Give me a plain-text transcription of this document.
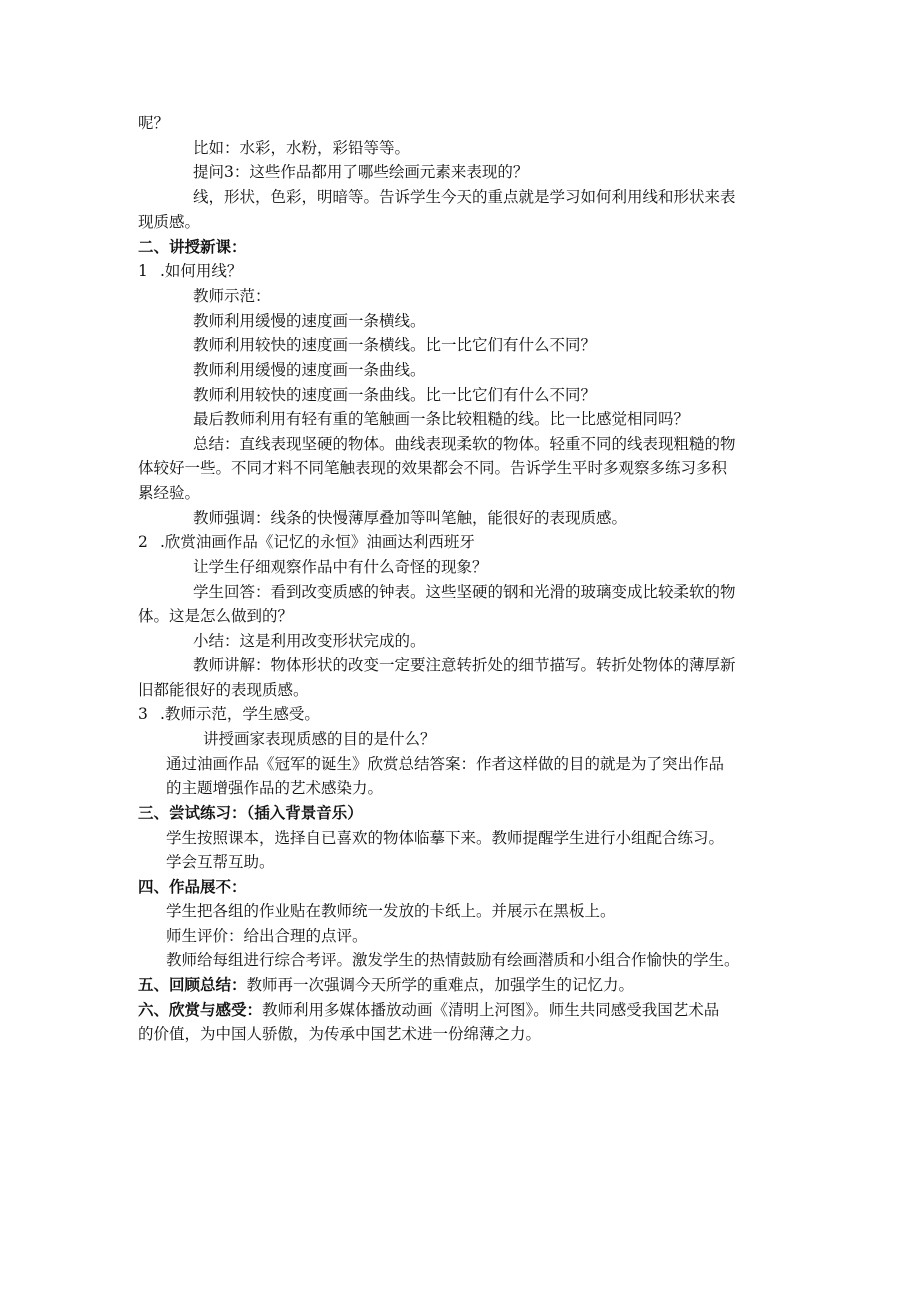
呢？
比如：水彩，水粉，彩铅等等。
提问3：这些作品都用了哪些绘画元素来表现的？
线，形状，色彩，明暗等。告诉学生今天的重点就是学习如何利用线和形状来表
现质感。
二、讲授新课：
1 .如何用线？
教师示范：
教师利用缓慢的速度画一条横线。
教师利用较快的速度画一条横线。比一比它们有什么不同？
教师利用缓慢的速度画一条曲线。
教师利用较快的速度画一条曲线。比一比它们有什么不同？
最后教师利用有轻有重的笔触画一条比较粗糙的线。比一比感觉相同吗？
总结：直线表现坚硬的物体。曲线表现柔软的物体。轻重不同的线表现粗糙的物
体较好一些。不同才料不同笔触表现的效果都会不同。告诉学生平时多观察多练习多积
累经验。
教师强调：线条的快慢薄厚叠加等叫笔触，能很好的表现质感。
2 .欣赏油画作品《记忆的永恒》油画达利西班牙
让学生仔细观察作品中有什么奇怪的现象？
学生回答：看到改变质感的钟表。这些坚硬的钢和光滑的玻璃变成比较柔软的物
体。这是怎么做到的？
小结：这是利用改变形状完成的。
教师讲解：物体形状的改变一定要注意转折处的细节描写。转折处物体的薄厚新
旧都能很好的表现质感。
3 .教师示范，学生感受。
讲授画家表现质感的目的是什么？
通过油画作品《冠军的诞生》欣赏总结答案：作者这样做的目的就是为了突出作品
的主题增强作品的艺术感染力。
三、尝试练习：（插入背景音乐）
学生按照课本，选择自已喜欢的物体临摹下来。教师提醒学生进行小组配合练习。
学会互帮互助。
四、作品展不：
学生把各组的作业贴在教师统一发放的卡纸上。并展示在黑板上。
师生评价：给出合理的点评。
教师给每组进行综合考评。激发学生的热情鼓励有绘画潜质和小组合作愉快的学生。
五、回顾总结：教师再一次强调今天所学的重难点，加强学生的记忆力。
六、欣赏与感受：教师利用多媒体播放动画《清明上河图》。师生共同感受我国艺术品
的价值，为中国人骄傲，为传承中国艺术进一份绵薄之力。
